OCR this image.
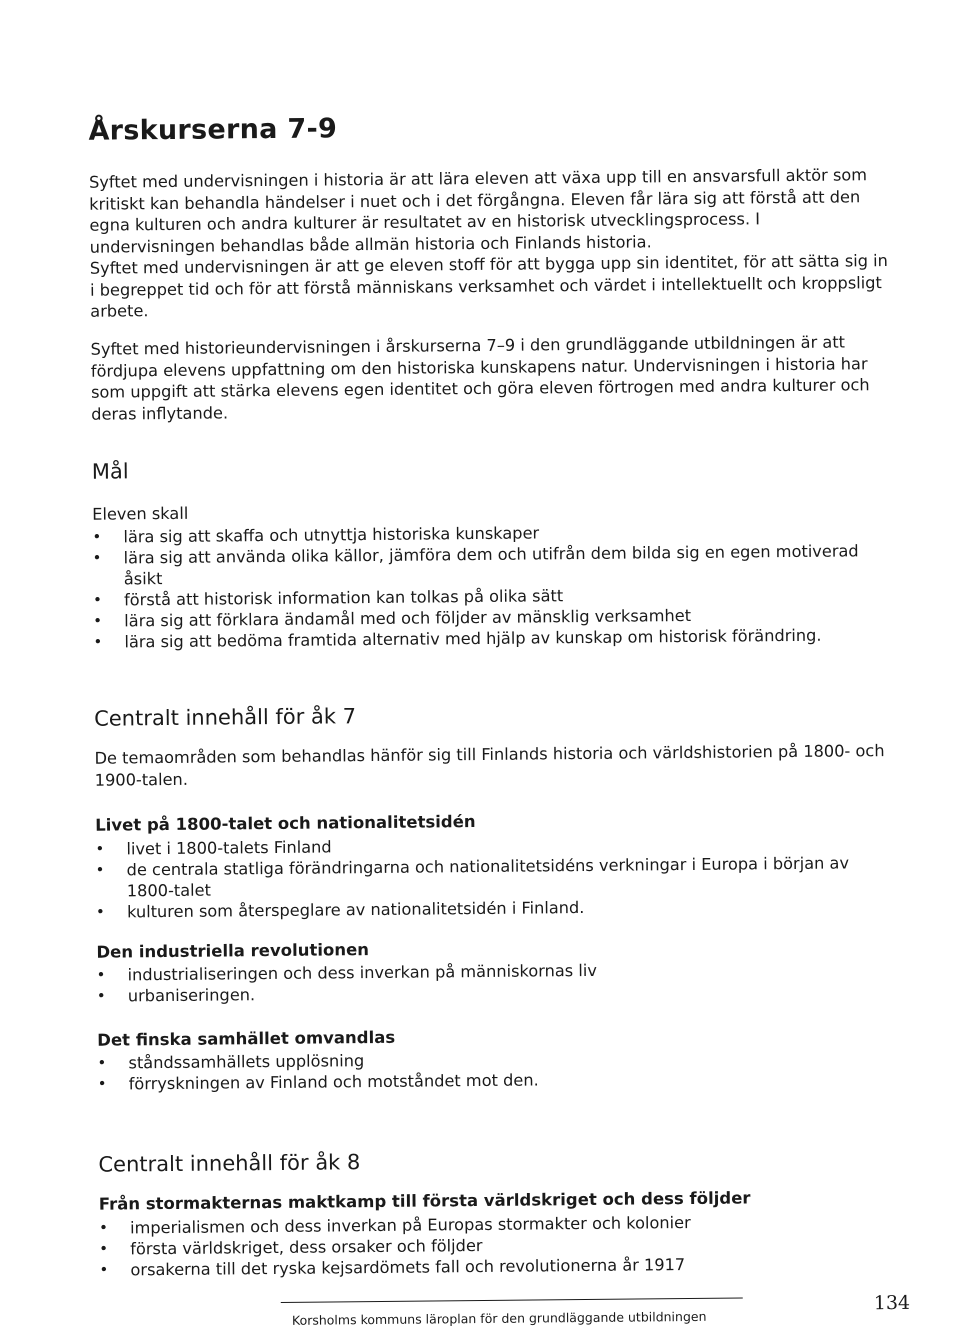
Årskurserna 7-9

Syftet med undervisningen i historia är att lära eleven att växa upp till en ansvarsfull aktör som kritiskt kan behandla händelser i nuet och i det förgångna. Eleven får lära sig att förstå att den egna kulturen och andra kulturer är resultatet av en historisk utvecklingsprocess. I undervisningen behandlas både allmän historia och Finlands historia.

Syftet med undervisningen är att ge eleven stoff för att bygga upp sin identitet, för att sätta sig in i begreppet tid och för att förstå människans verksamhet och värdet i intellektuellt och kroppsligt arbete.

Syftet med historieundervisningen i årskurserna 7–9 i den grundläggande utbildningen är att fördjupa elevens uppfattning om den historiska kunskapens natur. Undervisningen i historia har som uppgift att stärka elevens egen identitet och göra eleven förtrogen med andra kulturer och deras inflytande.

Mål

Eleven skall

• lära sig att skaffa och utnyttja historiska kunskaper
• lära sig att använda olika källor, jämföra dem och utifrån dem bilda sig en egen motiverad åsikt
• förstå att historisk information kan tolkas på olika sätt
• lära sig att förklara ändamål med och följder av mänsklig verksamhet
• lära sig att bedöma framtida alternativ med hjälp av kunskap om historisk förändring.
Centralt innehåll för åk 7

De temaområden som behandlas hänför sig till Finlands historia och världshistorien på 1800- och 1900-talen.

Livet på 1800-talet och nationalitetsidén
• livet i 1800-talets Finland
• de centrala statliga förändringarna och nationalitetsidéns verkningar i Europa i början av 1800-talet
• kulturen som återspeglare av nationalitetsidén i Finland.
Den industriella revolutionen
• industrialiseringen och dess inverkan på människornas liv
• urbaniseringen.
Det finska samhället omvandlas
• ståndssamhällets upplösning
• förryskningen av Finland och motståndet mot den.
Centralt innehåll för åk 8
Från stormakternas maktkamp till första världskriget och dess följder
• imperialismen och dess inverkan på Europas stormakter och kolonier
• första världskriget, dess orsaker och följder
• orsakerna till det ryska kejsardömets fall och revolutionerna år 1917

Korsholms kommuns läroplan för den grundläggande utbildningen

134
